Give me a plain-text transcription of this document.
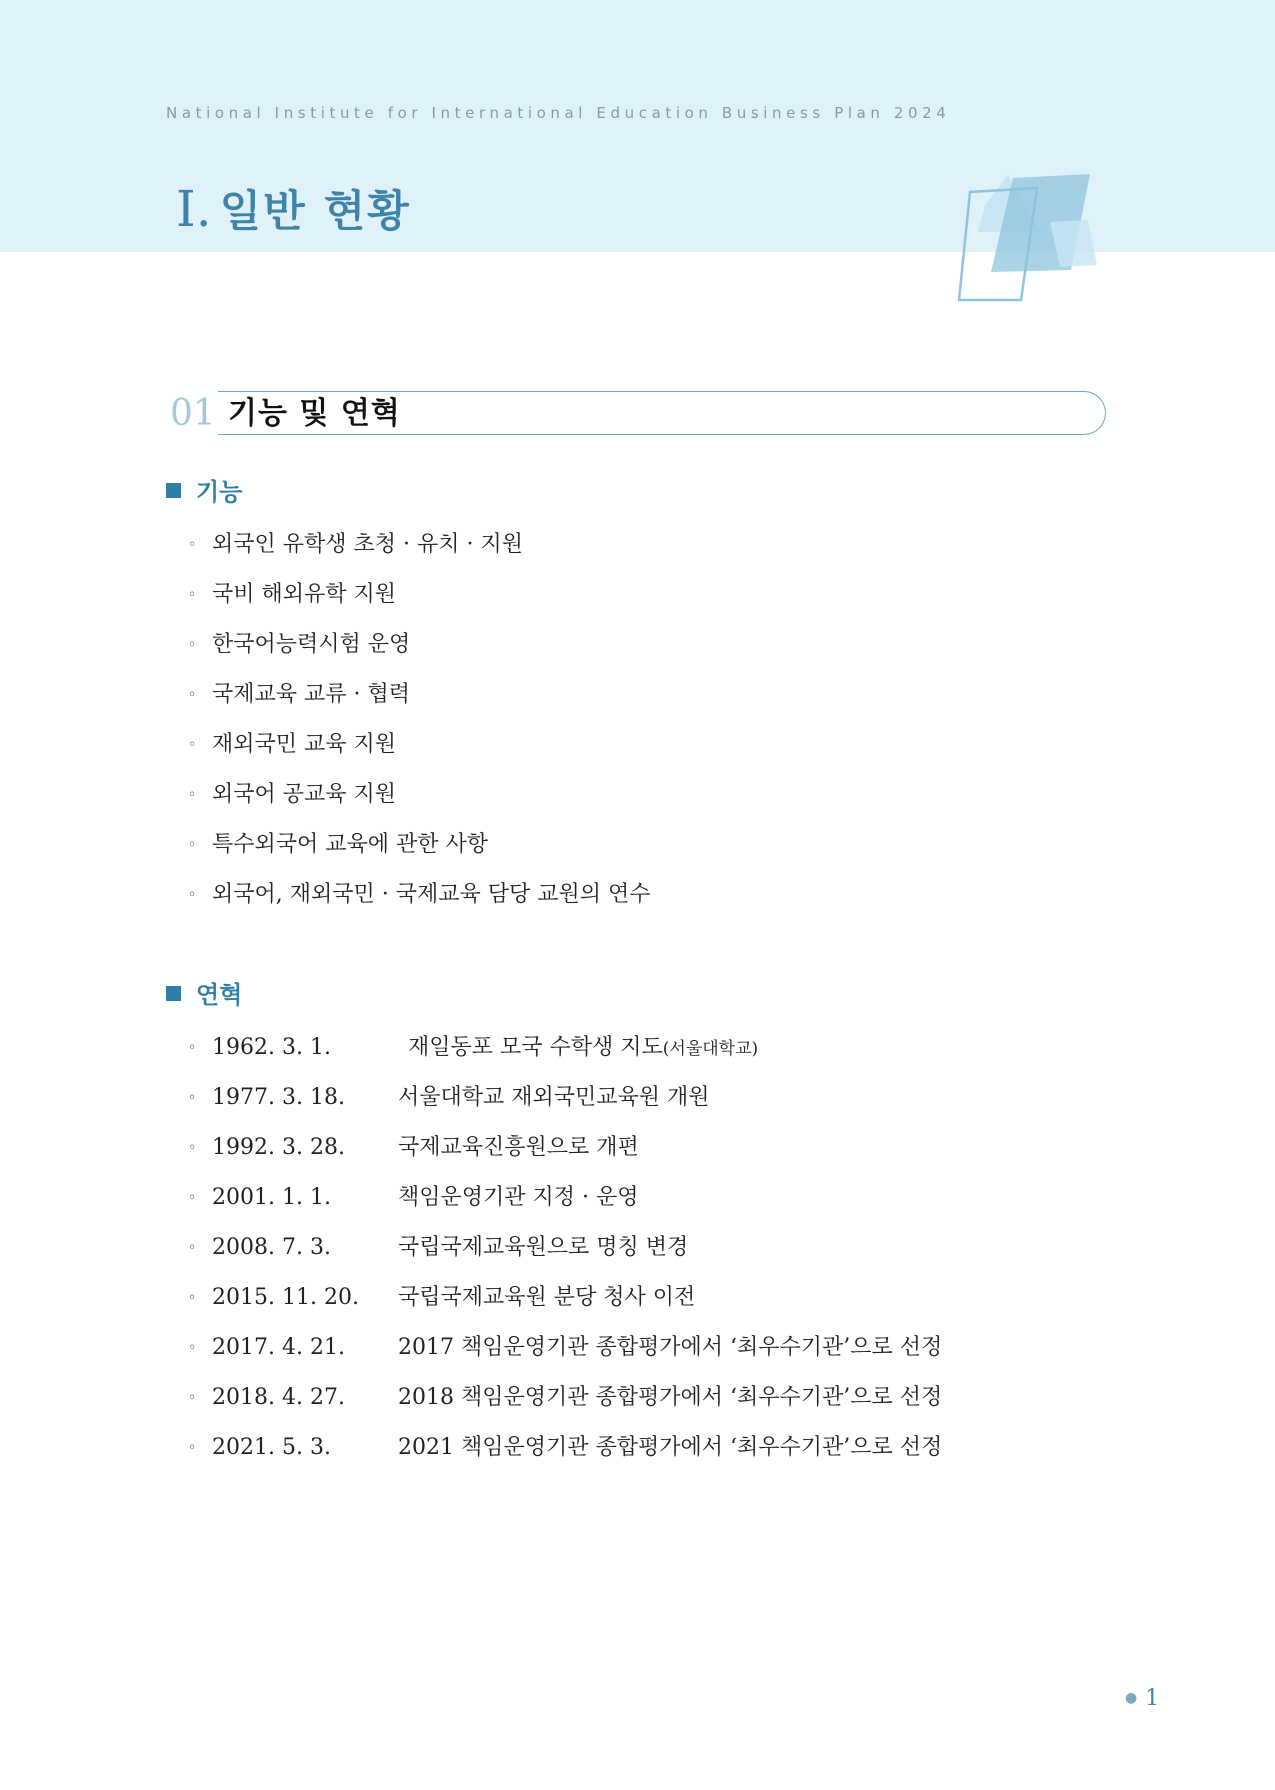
National Institute for International Education Business Plan 2024
I. 일반 현황
01 기능 및 연혁
기능
◦ 외국인 유학생 초청 · 유치 · 지원
◦ 국비 해외유학 지원
◦ 한국어능력시험 운영
◦ 국제교육 교류 · 협력
◦ 재외국민 교육 지원
◦ 외국어 공교육 지원
◦ 특수외국어 교육에 관한 사항
◦ 외국어, 재외국민 · 국제교육 담당 교원의 연수
연혁
◦ 1962. 3. 1.	재일동포 모국 수학생 지도(서울대학교)
◦ 1977. 3. 18. 서울대학교 재외국민교육원 개원
◦ 1992. 3. 28. 국제교육진흥원으로 개편
◦ 2001. 1. 1.	책임운영기관 지정 · 운영
◦ 2008. 7. 3.	국립국제교육원으로 명칭 변경
◦ 2015. 11. 20. 국립국제교육원 분당 청사 이전
◦ 2017. 4. 21. 2017 책임운영기관 종합평가에서 ‘최우수기관’으로 선정
◦ 2018. 4. 27. 2018 책임운영기관 종합평가에서 ‘최우수기관’으로 선정
◦ 2021. 5. 3.	2021 책임운영기관 종합평가에서 ‘최우수기관’으로 선정
● 1
